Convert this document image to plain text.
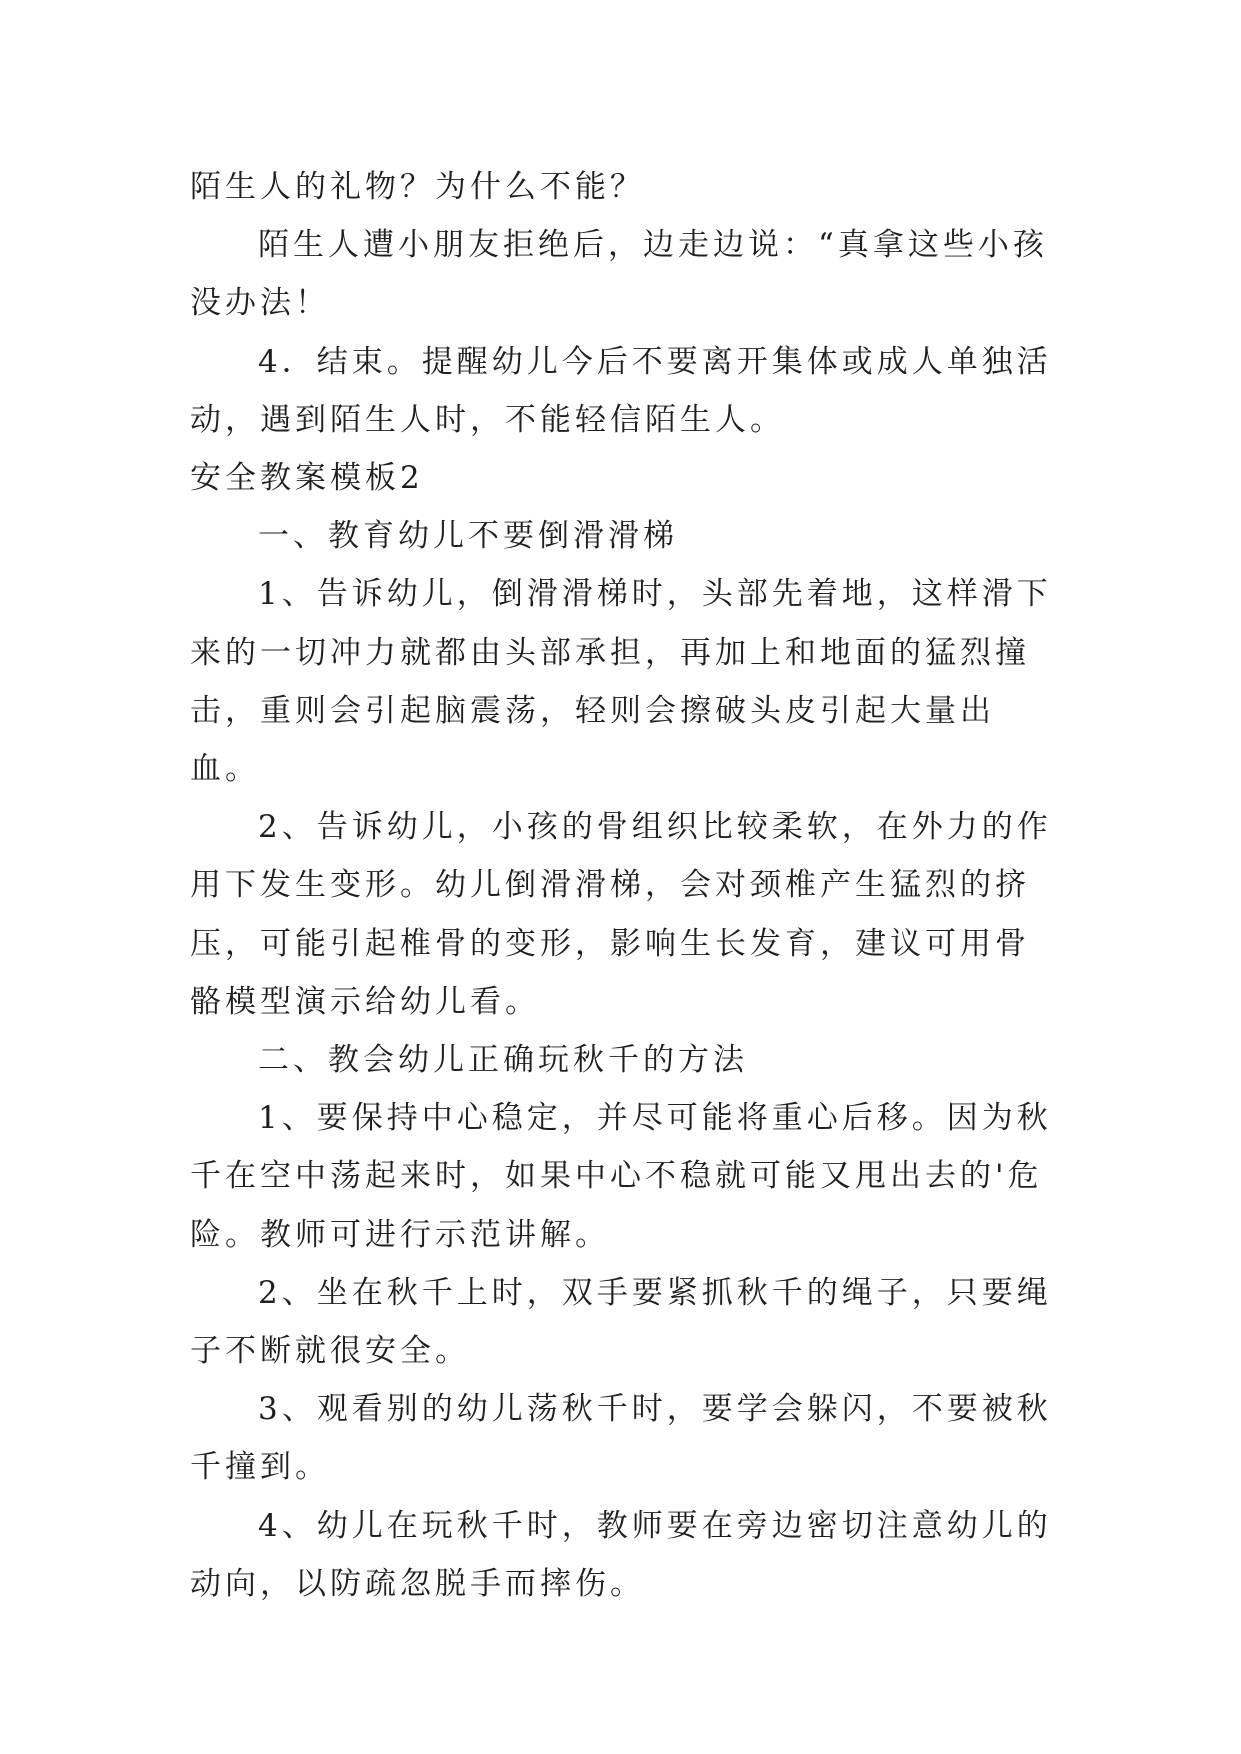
陌生人的礼物？为什么不能？

陌生人遭小朋友拒绝后，边走边说：“真拿这些小孩没办法！

4．结束。提醒幼儿今后不要离开集体或成人单独活动，遇到陌生人时，不能轻信陌生人。

安全教案模板2

一、教育幼儿不要倒滑滑梯

1、告诉幼儿，倒滑滑梯时，头部先着地，这样滑下来的一切冲力就都由头部承担，再加上和地面的猛烈撞击，重则会引起脑震荡，轻则会擦破头皮引起大量出血。

2、告诉幼儿，小孩的骨组织比较柔软，在外力的作用下发生变形。幼儿倒滑滑梯，会对颈椎产生猛烈的挤压，可能引起椎骨的变形，影响生长发育，建议可用骨骼模型演示给幼儿看。

二、教会幼儿正确玩秋千的方法

1、要保持中心稳定，并尽可能将重心后移。因为秋千在空中荡起来时，如果中心不稳就可能又甩出去的'危险。教师可进行示范讲解。

2、坐在秋千上时，双手要紧抓秋千的绳子，只要绳子不断就很安全。

3、观看别的幼儿荡秋千时，要学会躲闪，不要被秋千撞到。

4、幼儿在玩秋千时，教师要在旁边密切注意幼儿的动向，以防疏忽脱手而摔伤。
